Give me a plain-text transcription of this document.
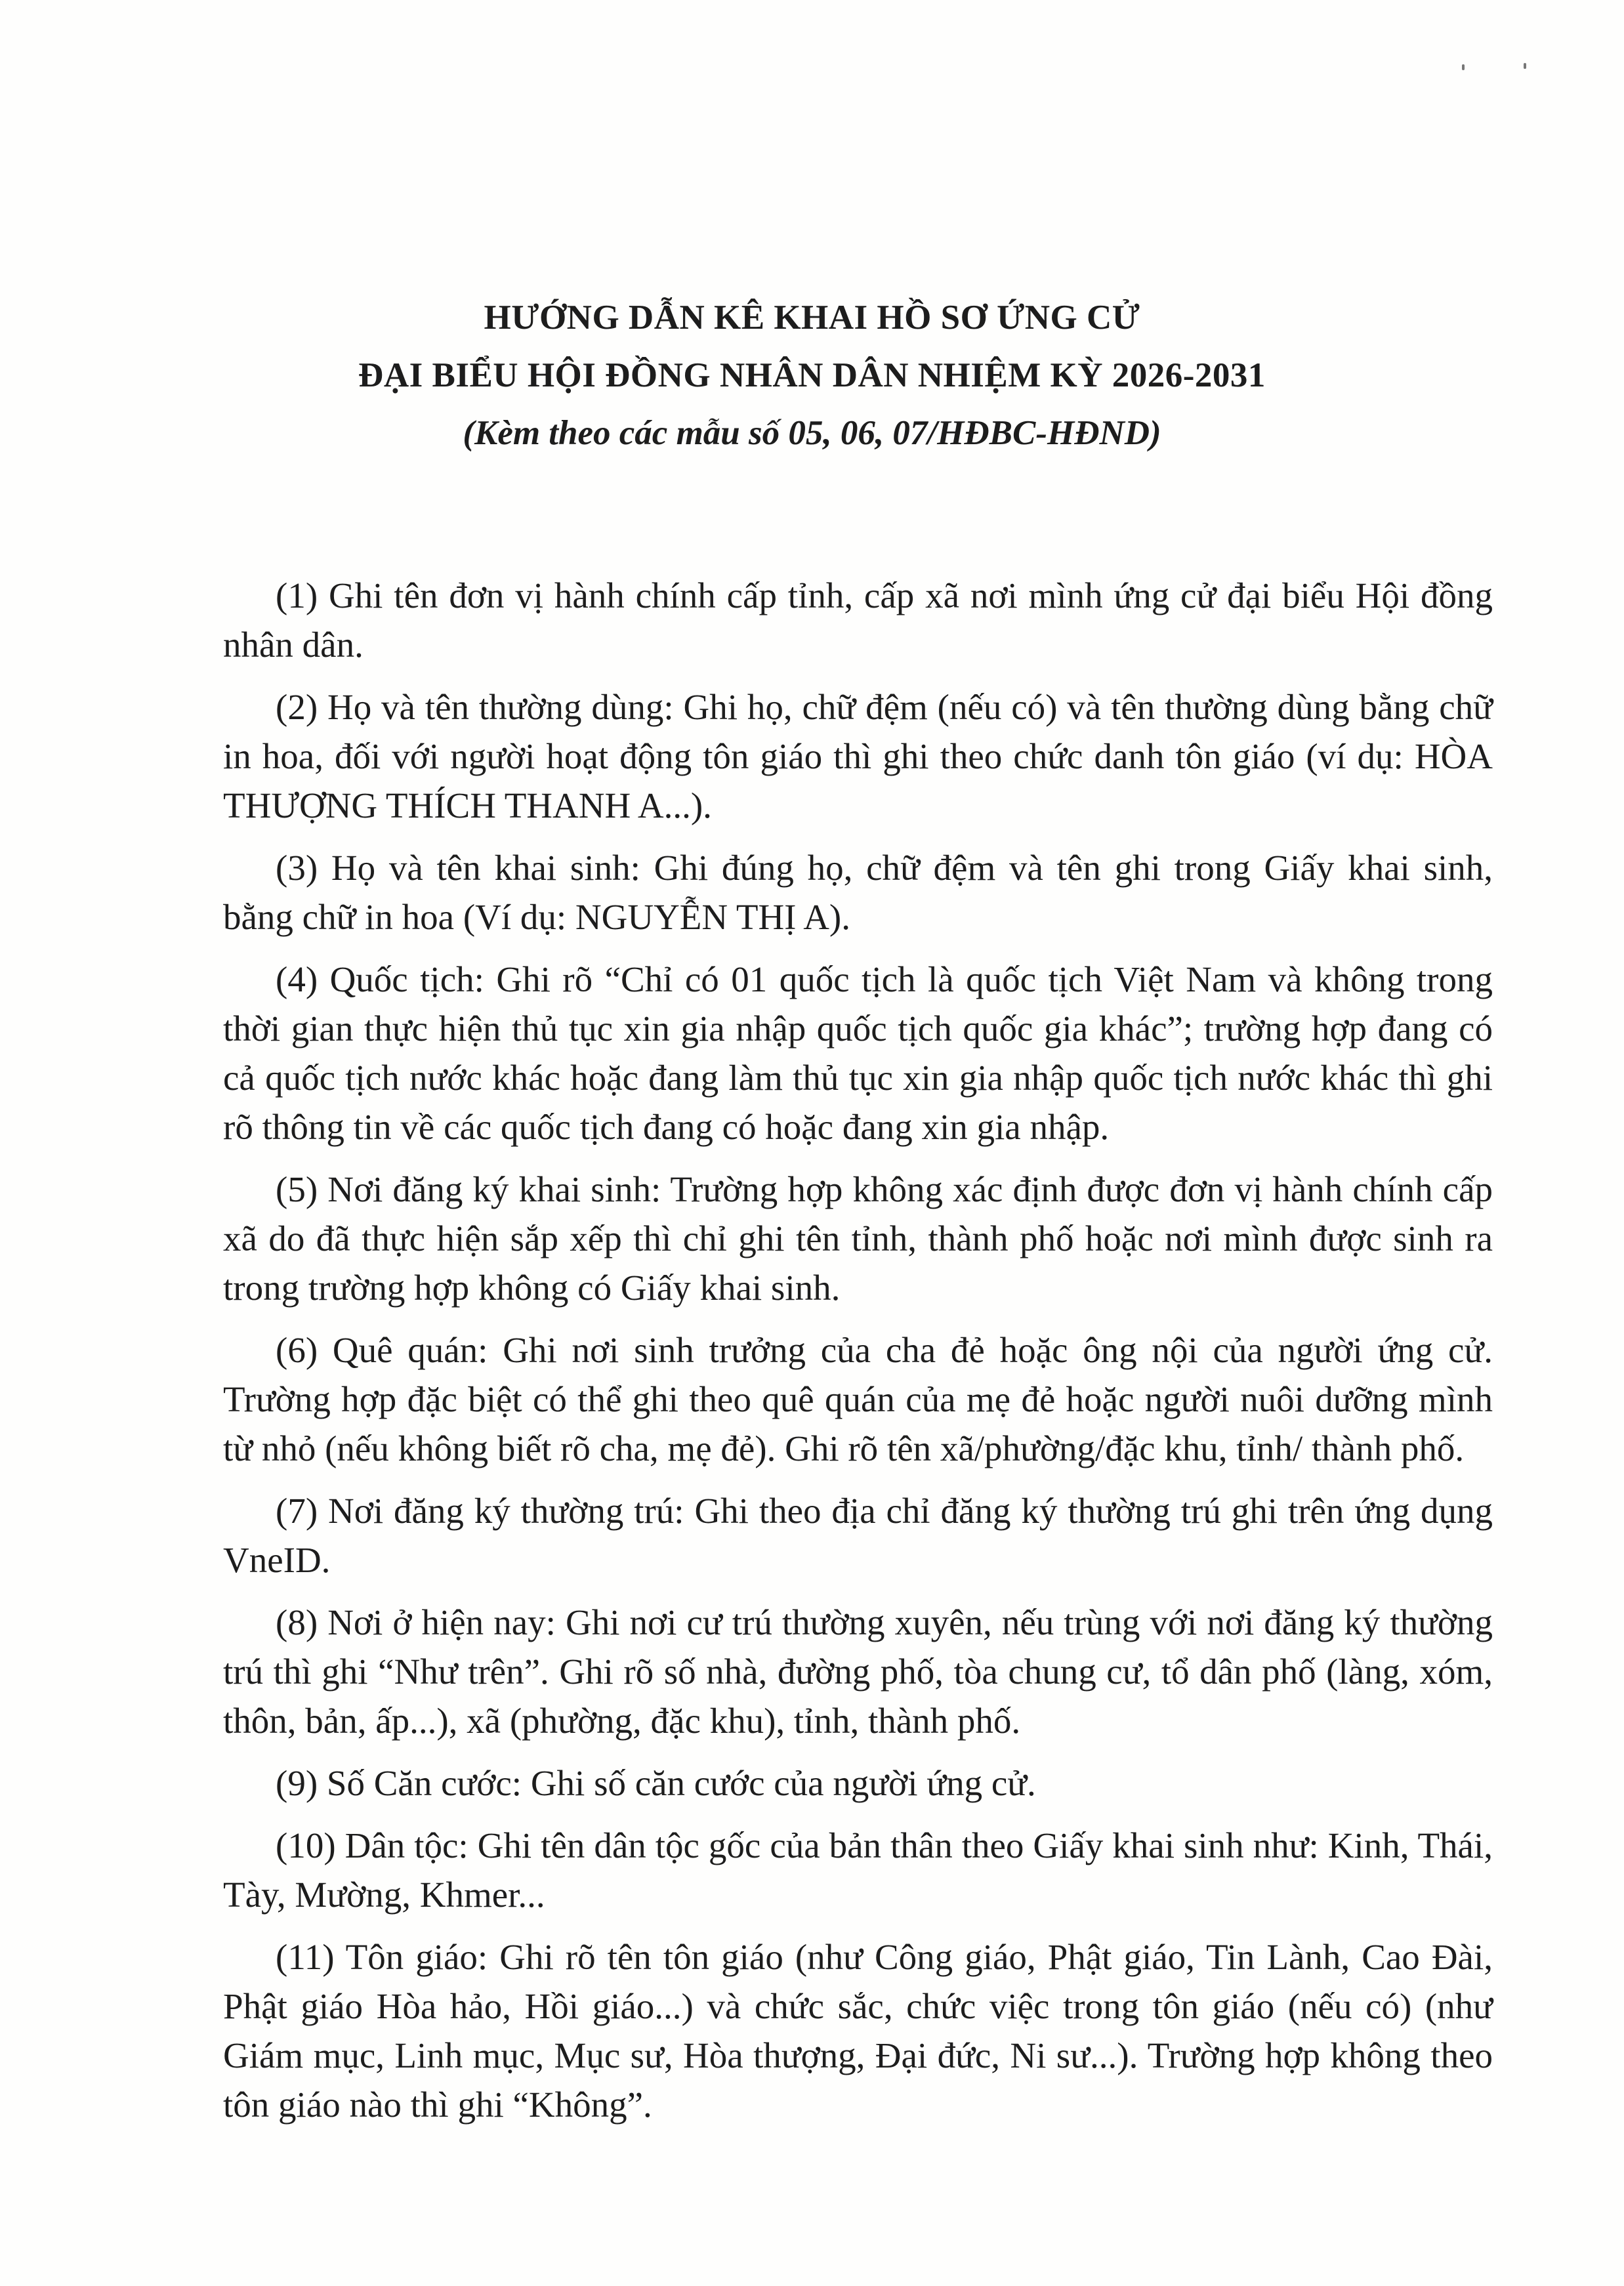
HƯỚNG DẪN KÊ KHAI HỒ SƠ ỨNG CỬ
ĐẠI BIỂU HỘI ĐỒNG NHÂN DÂN NHIỆM KỲ 2026-2031
(Kèm theo các mẫu số 05, 06, 07/HĐBC-HĐND)

(1) Ghi tên đơn vị hành chính cấp tỉnh, cấp xã nơi mình ứng cử đại biểu Hội đồng nhân dân.

(2) Họ và tên thường dùng: Ghi họ, chữ đệm (nếu có) và tên thường dùng bằng chữ in hoa, đối với người hoạt động tôn giáo thì ghi theo chức danh tôn giáo (ví dụ: HÒA THƯỢNG THÍCH THANH A...).

(3) Họ và tên khai sinh: Ghi đúng họ, chữ đệm và tên ghi trong Giấy khai sinh, bằng chữ in hoa (Ví dụ: NGUYỄN THỊ A).

(4) Quốc tịch: Ghi rõ “Chỉ có 01 quốc tịch là quốc tịch Việt Nam và không trong thời gian thực hiện thủ tục xin gia nhập quốc tịch quốc gia khác”; trường hợp đang có cả quốc tịch nước khác hoặc đang làm thủ tục xin gia nhập quốc tịch nước khác thì ghi rõ thông tin về các quốc tịch đang có hoặc đang xin gia nhập.

(5) Nơi đăng ký khai sinh: Trường hợp không xác định được đơn vị hành chính cấp xã do đã thực hiện sắp xếp thì chỉ ghi tên tỉnh, thành phố hoặc nơi mình được sinh ra trong trường hợp không có Giấy khai sinh.

(6) Quê quán: Ghi nơi sinh trưởng của cha đẻ hoặc ông nội của người ứng cử. Trường hợp đặc biệt có thể ghi theo quê quán của mẹ đẻ hoặc người nuôi dưỡng mình từ nhỏ (nếu không biết rõ cha, mẹ đẻ). Ghi rõ tên xã/phường/đặc khu, tỉnh/ thành phố.

(7) Nơi đăng ký thường trú: Ghi theo địa chỉ đăng ký thường trú ghi trên ứng dụng VneID.

(8) Nơi ở hiện nay: Ghi nơi cư trú thường xuyên, nếu trùng với nơi đăng ký thường trú thì ghi “Như trên”. Ghi rõ số nhà, đường phố, tòa chung cư, tổ dân phố (làng, xóm, thôn, bản, ấp...), xã (phường, đặc khu), tỉnh, thành phố.

(9) Số Căn cước: Ghi số căn cước của người ứng cử.

(10) Dân tộc: Ghi tên dân tộc gốc của bản thân theo Giấy khai sinh như: Kinh, Thái, Tày, Mường, Khmer...

(11) Tôn giáo: Ghi rõ tên tôn giáo (như Công giáo, Phật giáo, Tin Lành, Cao Đài, Phật giáo Hòa hảo, Hồi giáo...) và chức sắc, chức việc trong tôn giáo (nếu có) (như Giám mục, Linh mục, Mục sư, Hòa thượng, Đại đức, Ni sư...). Trường hợp không theo tôn giáo nào thì ghi “Không”.
